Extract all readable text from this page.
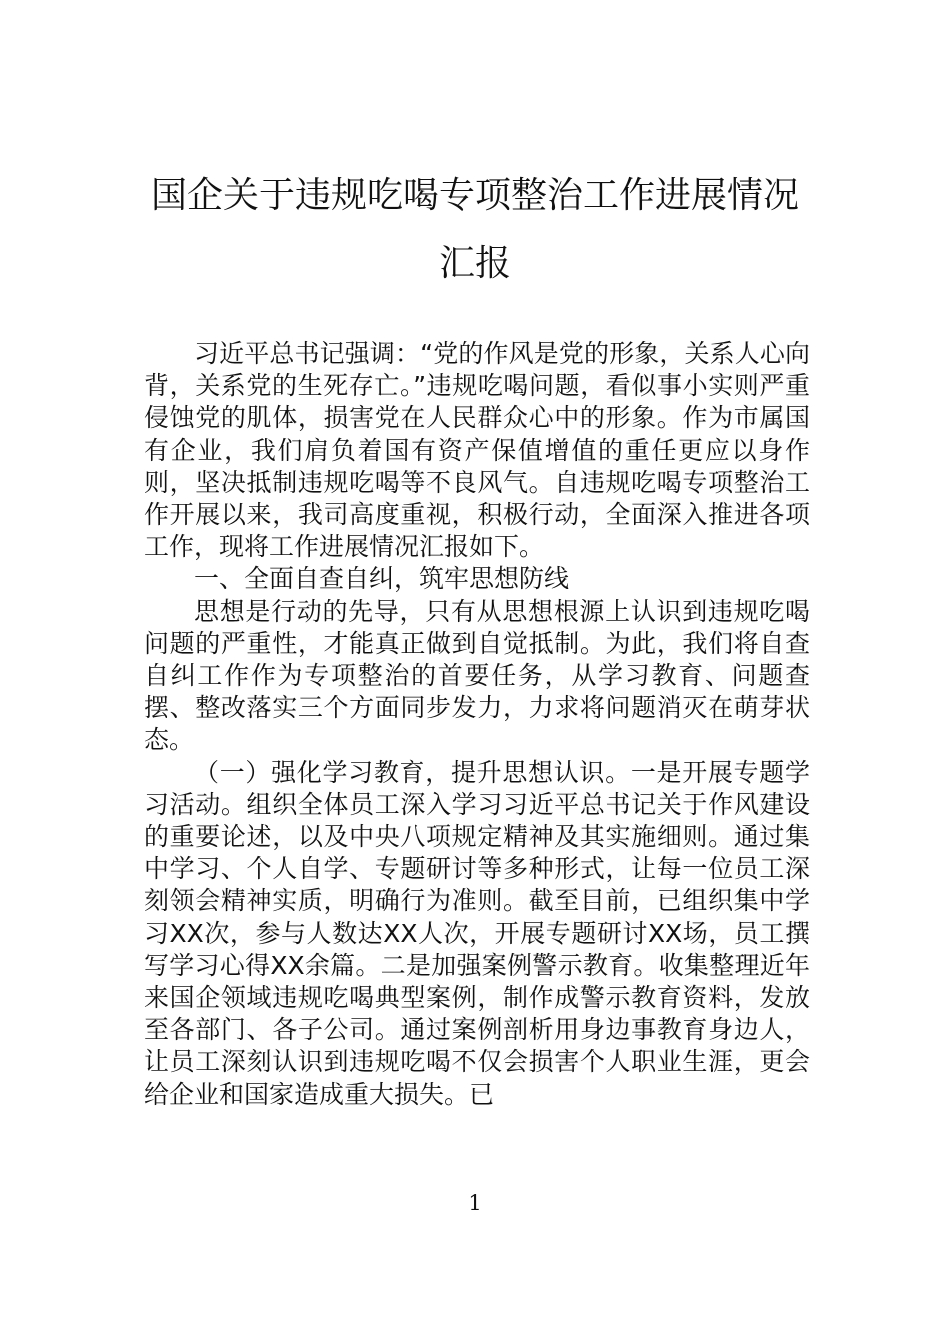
国企关于违规吃喝专项整治工作进展情况
汇报

习近平总书记强调：“党的作风是党的形象，关系人心向背，关系党的生死存亡。”违规吃喝问题，看似事小实则严重侵蚀党的肌体，损害党在人民群众心中的形象。作为市属国有企业，我们肩负着国有资产保值增值的重任更应以身作则，坚决抵制违规吃喝等不良风气。自违规吃喝专项整治工作开展以来，我司高度重视，积极行动，全面深入推进各项工作，现将工作进展情况汇报如下。

一、全面自查自纠，筑牢思想防线

思想是行动的先导，只有从思想根源上认识到违规吃喝问题的严重性，才能真正做到自觉抵制。为此，我们将自查自纠工作作为专项整治的首要任务，从学习教育、问题查摆、整改落实三个方面同步发力，力求将问题消灭在萌芽状态。

（一）强化学习教育，提升思想认识。一是开展专题学习活动。组织全体员工深入学习习近平总书记关于作风建设的重要论述，以及中央八项规定精神及其实施细则。通过集中学习、个人自学、专题研讨等多种形式，让每一位员工深刻领会精神实质，明确行为准则。截至目前，已组织集中学习XX次，参与人数达XX人次，开展专题研讨XX场，员工撰写学习心得XX余篇。二是加强案例警示教育。收集整理近年来国企领域违规吃喝典型案例，制作成警示教育资料，发放至各部门、各子公司。通过案例剖析用身边事教育身边人，让员工深刻认识到违规吃喝不仅会损害个人职业生涯，更会给企业和国家造成重大损失。已

1
